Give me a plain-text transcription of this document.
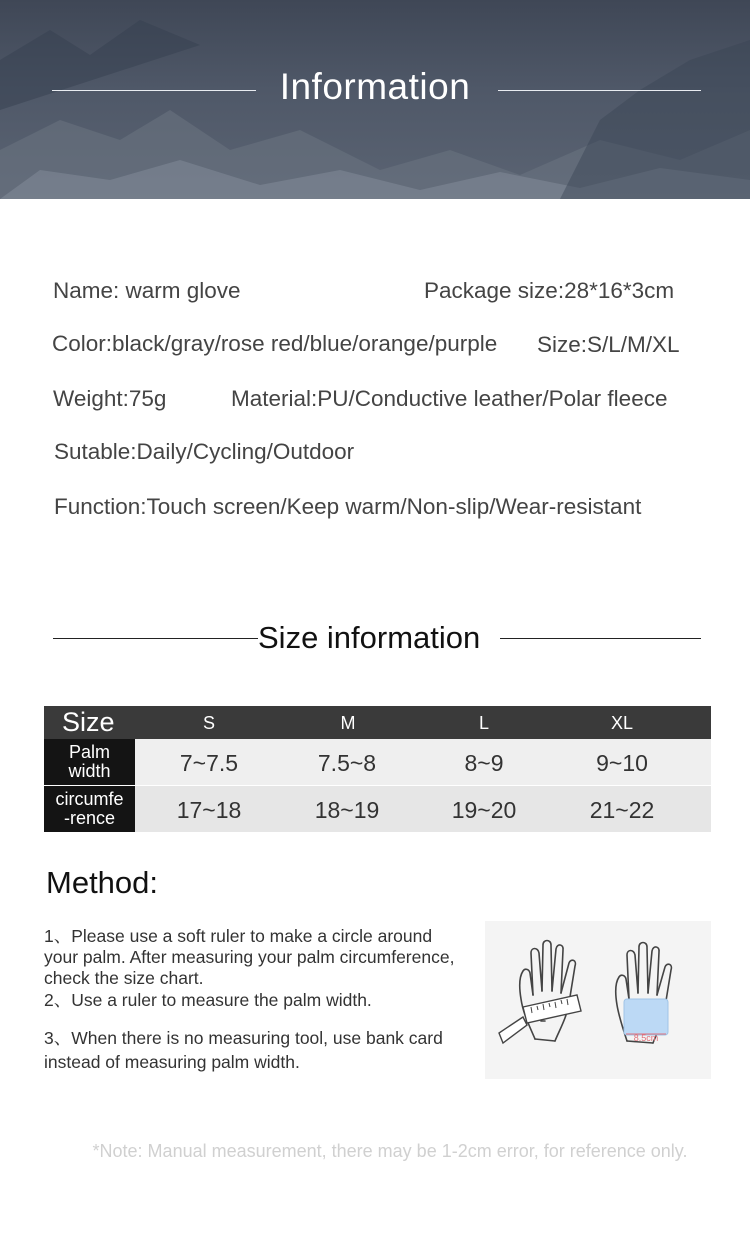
Information
Name: warm glove	Package size:28*16*3cm
Color:black/gray/rose red/blue/orange/purple Size:S/L/M/XL
Weight:75g	Material:PU/Conductive leather/Polar fleece
Sutable:Daily/Cycling/Outdoor
Function:Touch screen/Keep warm/Non-slip/Wear-resistant
Size information
Size	S	M	L	XL
Palm
width	7~7.5	7.5~8	8~9	9~10
circumfe
-rence	17~18	18~19	19~20	21~22
Method:
1、Please use a soft ruler to make a circle around
your palm. After measuring your palm circumference,
check the size chart.
2、Use a ruler to measure the palm width.
3、When there is no measuring tool, use bank card
instead of measuring palm width.
8.5cm
*Note: Manual measurement, there may be 1-2cm error, for reference only.
